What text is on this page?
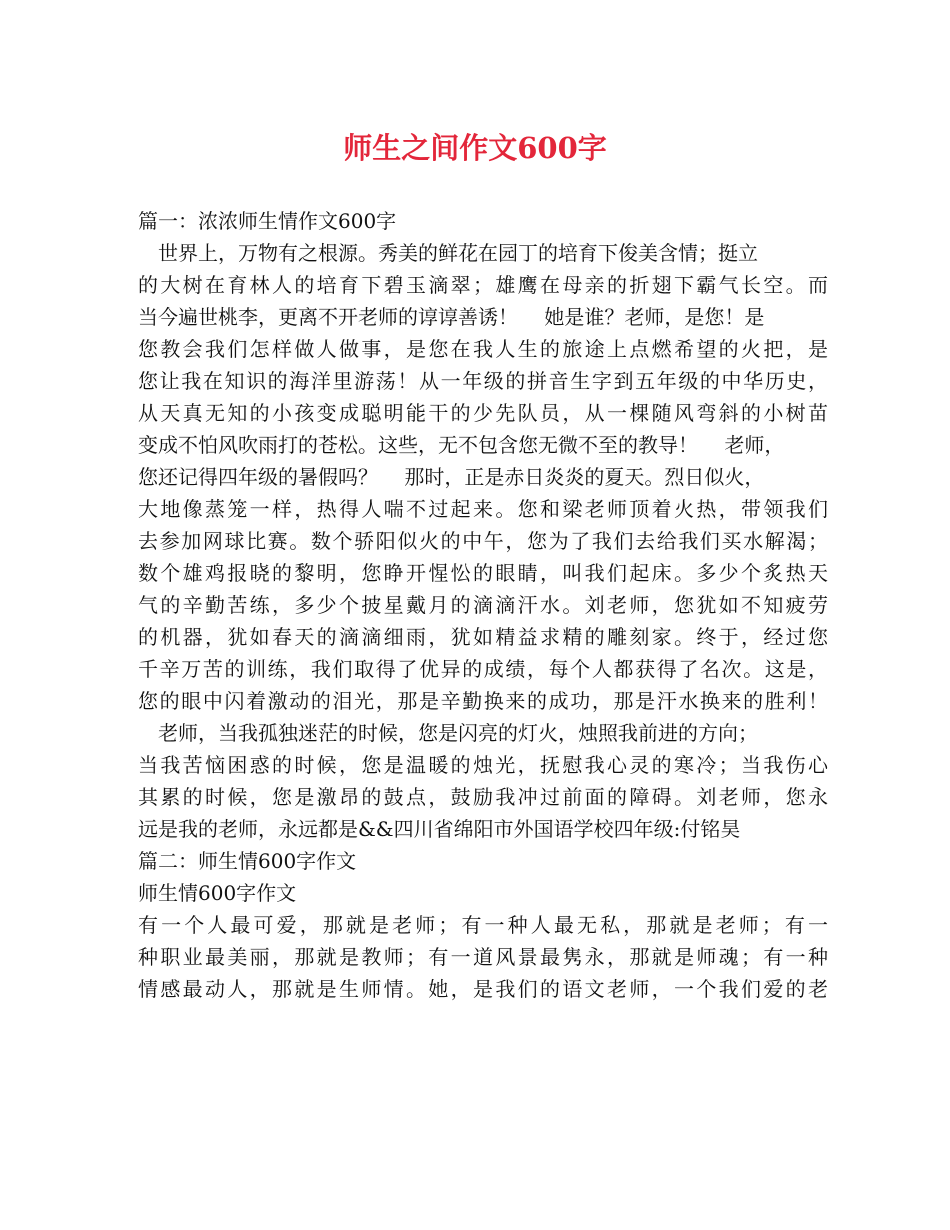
师生之间作文600字
篇一：浓浓师生情作文600字
　世界上，万物有之根源。秀美的鲜花在园丁的培育下俊美含情；挺立
的大树在育林人的培育下碧玉滴翠；雄鹰在母亲的折翅下霸气长空。而
当今遍世桃李，更离不开老师的谆谆善诱！　 她是谁？老师，是您！是
您教会我们怎样做人做事，是您在我人生的旅途上点燃希望的火把，是
您让我在知识的海洋里游荡！从一年级的拼音生字到五年级的中华历史，
从天真无知的小孩变成聪明能干的少先队员，从一棵随风弯斜的小树苗
变成不怕风吹雨打的苍松。这些，无不包含您无微不至的教导！　 老师，
您还记得四年级的暑假吗？　 那时，正是赤日炎炎的夏天。烈日似火，
大地像蒸笼一样，热得人喘不过起来。您和梁老师顶着火热，带领我们
去参加网球比赛。数个骄阳似火的中午，您为了我们去给我们买水解渴；
数个雄鸡报晓的黎明，您睁开惺忪的眼睛，叫我们起床。多少个炙热天
气的辛勤苦练，多少个披星戴月的滴滴汗水。刘老师，您犹如不知疲劳
的机器，犹如春天的滴滴细雨，犹如精益求精的雕刻家。终于，经过您
千辛万苦的训练，我们取得了优异的成绩，每个人都获得了名次。这是，
您的眼中闪着激动的泪光，那是辛勤换来的成功，那是汗水换来的胜利！
　老师，当我孤独迷茫的时候，您是闪亮的灯火，烛照我前进的方向；
当我苦恼困惑的时候，您是温暖的烛光，抚慰我心灵的寒冷；当我伤心
其累的时候，您是激昂的鼓点，鼓励我冲过前面的障碍。刘老师，您永
远是我的老师，永远都是&&四川省绵阳市外国语学校四年级:付铭昊
篇二：师生情600字作文
师生情600字作文
有一个人最可爱，那就是老师；有一种人最无私，那就是老师；有一
种职业最美丽，那就是教师；有一道风景最隽永，那就是师魂；有一种
情感最动人，那就是生师情。她，是我们的语文老师，一个我们爱的老
